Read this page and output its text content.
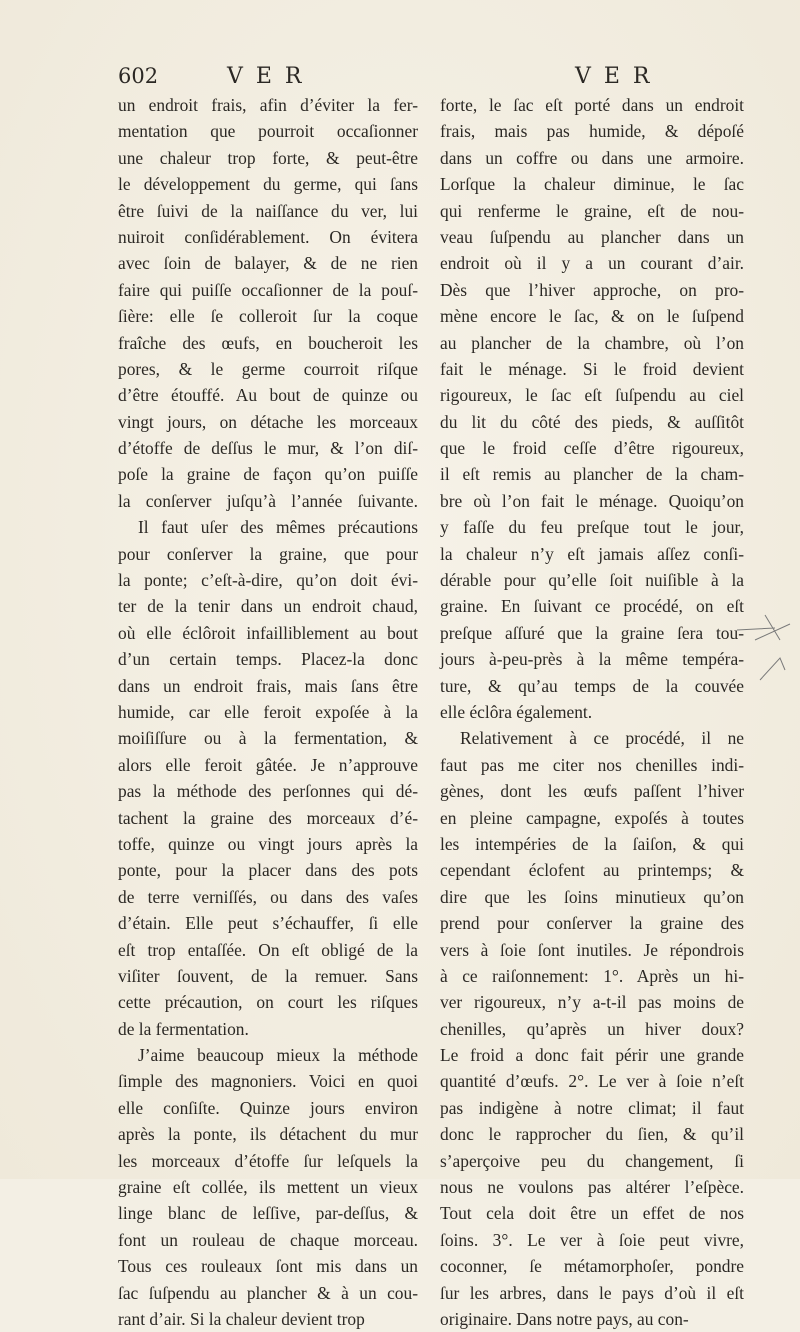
602	V E R	V E R
un endroit frais, afin d’éviter la fer-
mentation que pourroit occaſionner
une chaleur trop forte, & peut-être
le développement du germe, qui ſans
être ſuivi de la naiſſance du ver, lui
nuiroit conſidérablement. On évitera
avec ſoin de balayer, & de ne rien
faire qui puiſſe occaſionner de la pouſ-
ſière: elle ſe colleroit ſur la coque
fraîche des œufs, en boucheroit les
pores, & le germe courroit riſque
d’être étouffé. Au bout de quinze ou
vingt jours, on détache les morceaux
d’étoffe de deſſus le mur, & l’on diſ-
poſe la graine de façon qu’on puiſſe
la conſerver juſqu’à l’année ſuivante.
Il faut uſer des mêmes précautions
pour conſerver la graine, que pour
la ponte; c’eſt-à-dire, qu’on doit évi-
ter de la tenir dans un endroit chaud,
où elle éclôroit infailliblement au bout
d’un certain temps. Placez-la donc
dans un endroit frais, mais ſans être
humide, car elle feroit expoſée à la
moiſiſſure ou à la fermentation, &
alors elle feroit gâtée. Je n’approuve
pas la méthode des perſonnes qui dé-
tachent la graine des morceaux d’é-
toffe, quinze ou vingt jours après la
ponte, pour la placer dans des pots
de terre verniſſés, ou dans des vaſes
d’étain. Elle peut s’échauffer, ſi elle
eſt trop entaſſée. On eſt obligé de la
viſiter ſouvent, de la remuer. Sans
cette précaution, on court les riſques
de la fermentation.
J’aime beaucoup mieux la méthode
ſimple des magnoniers. Voici en quoi
elle conſiſte. Quinze jours environ
après la ponte, ils détachent du mur
les morceaux d’étoffe ſur leſquels la
graine eſt collée, ils mettent un vieux
linge blanc de leſſive, par-deſſus, &
font un rouleau de chaque morceau.
Tous ces rouleaux ſont mis dans un
ſac ſuſpendu au plancher & à un cou-
rant d’air. Si la chaleur devient trop
forte, le ſac eſt porté dans un endroit
frais, mais pas humide, & dépoſé
dans un coffre ou dans une armoire.
Lorſque la chaleur diminue, le ſac
qui renferme le graine, eſt de nou-
veau ſuſpendu au plancher dans un
endroit où il y a un courant d’air.
Dès que l’hiver approche, on pro-
mène encore le ſac, & on le ſuſpend
au plancher de la chambre, où l’on
fait le ménage. Si le froid devient
rigoureux, le ſac eſt ſuſpendu au ciel
du lit du côté des pieds, & auſſitôt
que le froid ceſſe d’être rigoureux,
il eſt remis au plancher de la cham-
bre où l’on fait le ménage. Quoiqu’on
y faſſe du feu preſque tout le jour,
la chaleur n’y eſt jamais aſſez conſi-
dérable pour qu’elle ſoit nuiſible à la
graine. En ſuivant ce procédé, on eſt
preſque aſſuré que la graine ſera tou-
jours à-peu-près à la même tempéra-
ture, & qu’au temps de la couvée
elle éclôra également.
Relativement à ce procédé, il ne
faut pas me citer nos chenilles indi-
gènes, dont les œufs paſſent l’hiver
en pleine campagne, expoſés à toutes
les intempéries de la ſaiſon, & qui
cependant éclofent au printemps; &
dire que les ſoins minutieux qu’on
prend pour conſerver la graine des
vers à ſoie ſont inutiles. Je répondrois
à ce raiſonnement: 1°. Après un hi-
ver rigoureux, n’y a-t-il pas moins de
chenilles, qu’après un hiver doux?
Le froid a donc fait périr une grande
quantité d’œufs. 2°. Le ver à ſoie n’eſt
pas indigène à notre climat; il faut
donc le rapprocher du ſien, & qu’il
s’aperçoive peu du changement, ſi
nous ne voulons pas altérer l’eſpèce.
Tout cela doit être un effet de nos
ſoins. 3°. Le ver à ſoie peut vivre,
coconner, ſe métamorphoſer, pondre
ſur les arbres, dans le pays d’où il eſt
originaire. Dans notre pays, au con-
